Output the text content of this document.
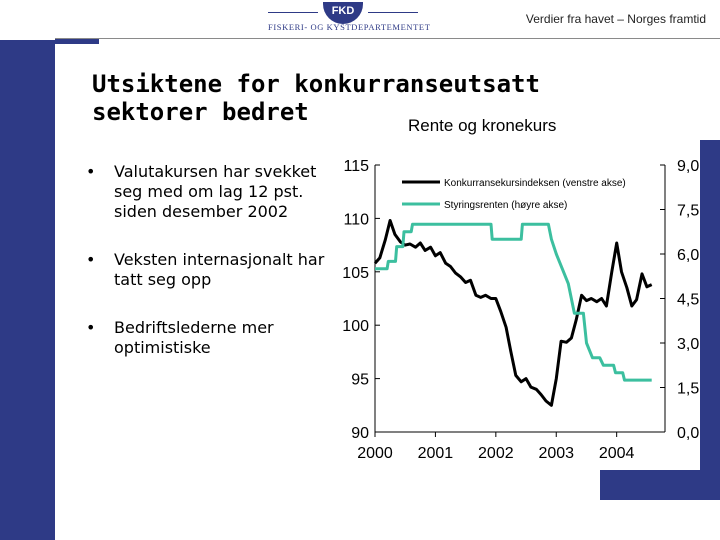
FKD
FISKERI- OG KYSTDEPARTEMENTET
Verdier fra havet – Norges framtid
Utsiktene for konkurranseutsatt
sektorer bedret	Rente og kronekurs
• Valutakursen har svekket seg med om lag 12 pst. siden desember 2002
• Veksten internasjonalt har tatt seg opp
• Bedriftslederne mer optimistiske
115
110
105
100
95
90
9,0
7,5
6,0
4,5
3,0
1,5
0,0
2000 2001 2002 2003 2004
Konkurransekursindeksen (venstre akse)
Styringsrenten (høyre akse)
